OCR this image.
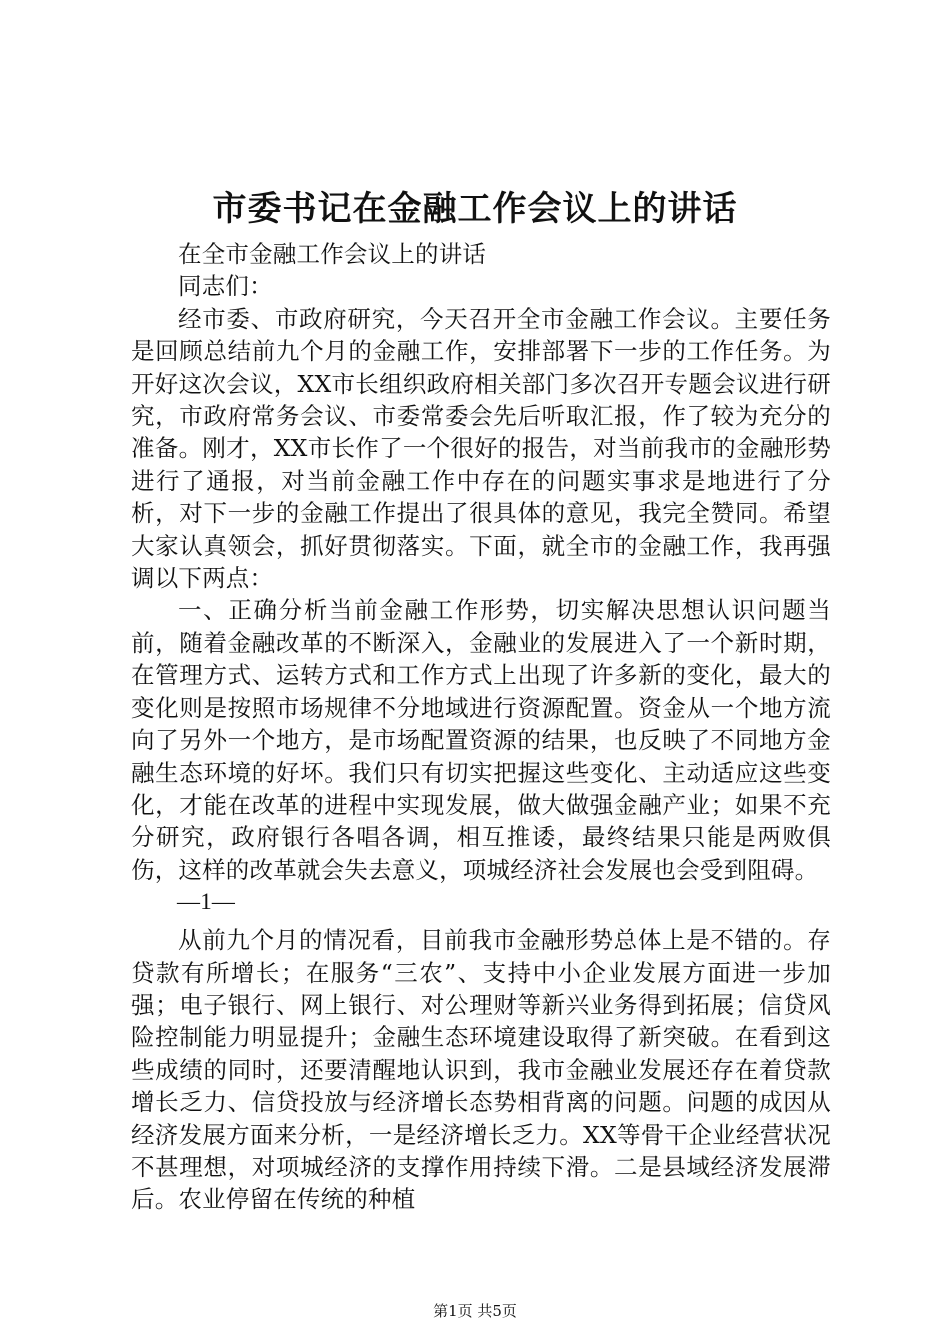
市委书记在金融工作会议上的讲话

在全市金融工作会议上的讲话

同志们：

经市委、市政府研究，今天召开全市金融工作会议。主要任务是回顾总结前九个月的金融工作，安排部署下一步的工作任务。为开好这次会议，XX市长组织政府相关部门多次召开专题会议进行研究，市政府常务会议、市委常委会先后听取汇报，作了较为充分的准备。刚才，XX市长作了一个很好的报告，对当前我市的金融形势进行了通报，对当前金融工作中存在的问题实事求是地进行了分析，对下一步的金融工作提出了很具体的意见，我完全赞同。希望大家认真领会，抓好贯彻落实。下面，就全市的金融工作，我再强调以下两点：

一、正确分析当前金融工作形势，切实解决思想认识问题当前，随着金融改革的不断深入，金融业的发展进入了一个新时期，在管理方式、运转方式和工作方式上出现了许多新的变化，最大的变化则是按照市场规律不分地域进行资源配置。资金从一个地方流向了另外一个地方，是市场配置资源的结果，也反映了不同地方金融生态环境的好坏。我们只有切实把握这些变化、主动适应这些变化，才能在改革的进程中实现发展，做大做强金融产业；如果不充分研究，政府银行各唱各调，相互推诿，最终结果只能是两败俱伤，这样的改革就会失去意义，项城经济社会发展也会受到阻碍。

—1—

从前九个月的情况看，目前我市金融形势总体上是不错的。存贷款有所增长；在服务“三农”、支持中小企业发展方面进一步加强；电子银行、网上银行、对公理财等新兴业务得到拓展；信贷风险控制能力明显提升；金融生态环境建设取得了新突破。在看到这些成绩的同时，还要清醒地认识到，我市金融业发展还存在着贷款增长乏力、信贷投放与经济增长态势相背离的问题。问题的成因从经济发展方面来分析，一是经济增长乏力。XX等骨干企业经营状况不甚理想，对项城经济的支撑作用持续下滑。二是县域经济发展滞后。农业停留在传统的种植

第1页 共5页
